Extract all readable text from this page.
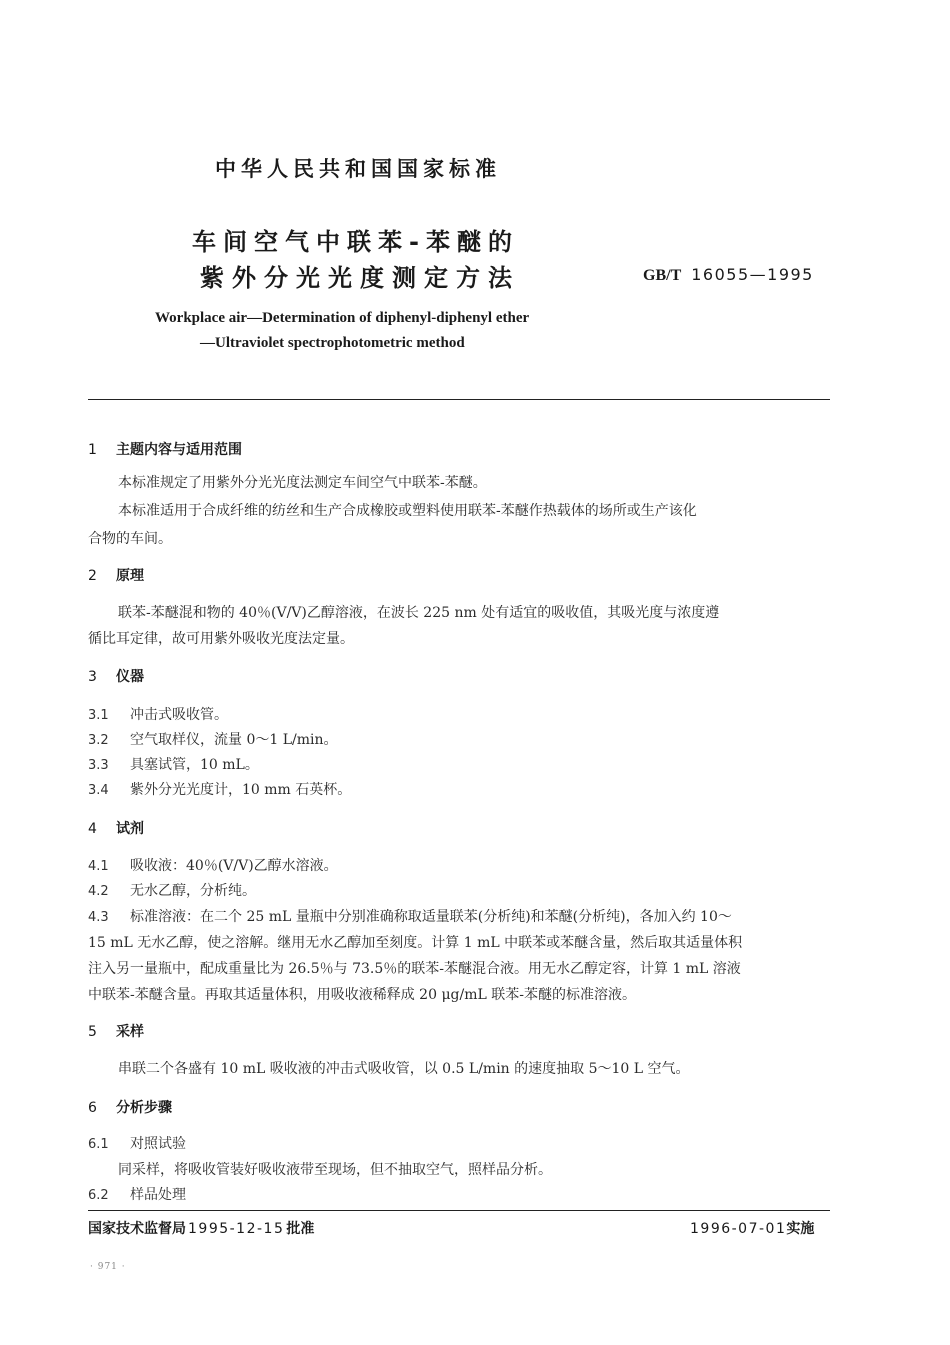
中华人民共和国国家标准
车间空气中联苯-苯醚的
紫外分光光度测定方法	GB/T 16055—1995
Workplace air—Determination of diphenyl-diphenyl ether
—Ultraviolet spectrophotometric method
1 主题内容与适用范围
本标准规定了用紫外分光光度法测定车间空气中联苯-苯醚。
本标准适用于合成纤维的纺丝和生产合成橡胶或塑料使用联苯-苯醚作热载体的场所或生产该化
合物的车间。
2 原理
联苯-苯醚混和物的 40％(V/V)乙醇溶液，在波长 225 nm 处有适宜的吸收值，其吸光度与浓度遵
循比耳定律，故可用紫外吸收光度法定量。
3 仪器
3.1 冲击式吸收管。
3.2 空气取样仪，流量 0～1 L/min。
3.3 具塞试管，10 mL。
3.4 紫外分光光度计，10 mm 石英杯。
4 试剂
4.1 吸收液：40％(V/V)乙醇水溶液。
4.2 无水乙醇，分析纯。
4.3 标准溶液：在二个 25 mL 量瓶中分别准确称取适量联苯(分析纯)和苯醚(分析纯)，各加入约 10～
15 mL 无水乙醇，使之溶解。继用无水乙醇加至刻度。计算 1 mL 中联苯或苯醚含量，然后取其适量体积
注入另一量瓶中，配成重量比为 26.5％与 73.5％的联苯-苯醚混合液。用无水乙醇定容，计算 1 mL 溶液
中联苯-苯醚含量。再取其适量体积，用吸收液稀释成 20 μg/mL 联苯-苯醚的标准溶液。
5 采样
串联二个各盛有 10 mL 吸收液的冲击式吸收管，以 0.5 L/min 的速度抽取 5～10 L 空气。
6 分析步骤
6.1 对照试验
同采样，将吸收管装好吸收液带至现场，但不抽取空气，照样品分析。
6.2 样品处理
国家技术监督局 1995-12-15 批准	1996-07-01实施
· 971 ·
